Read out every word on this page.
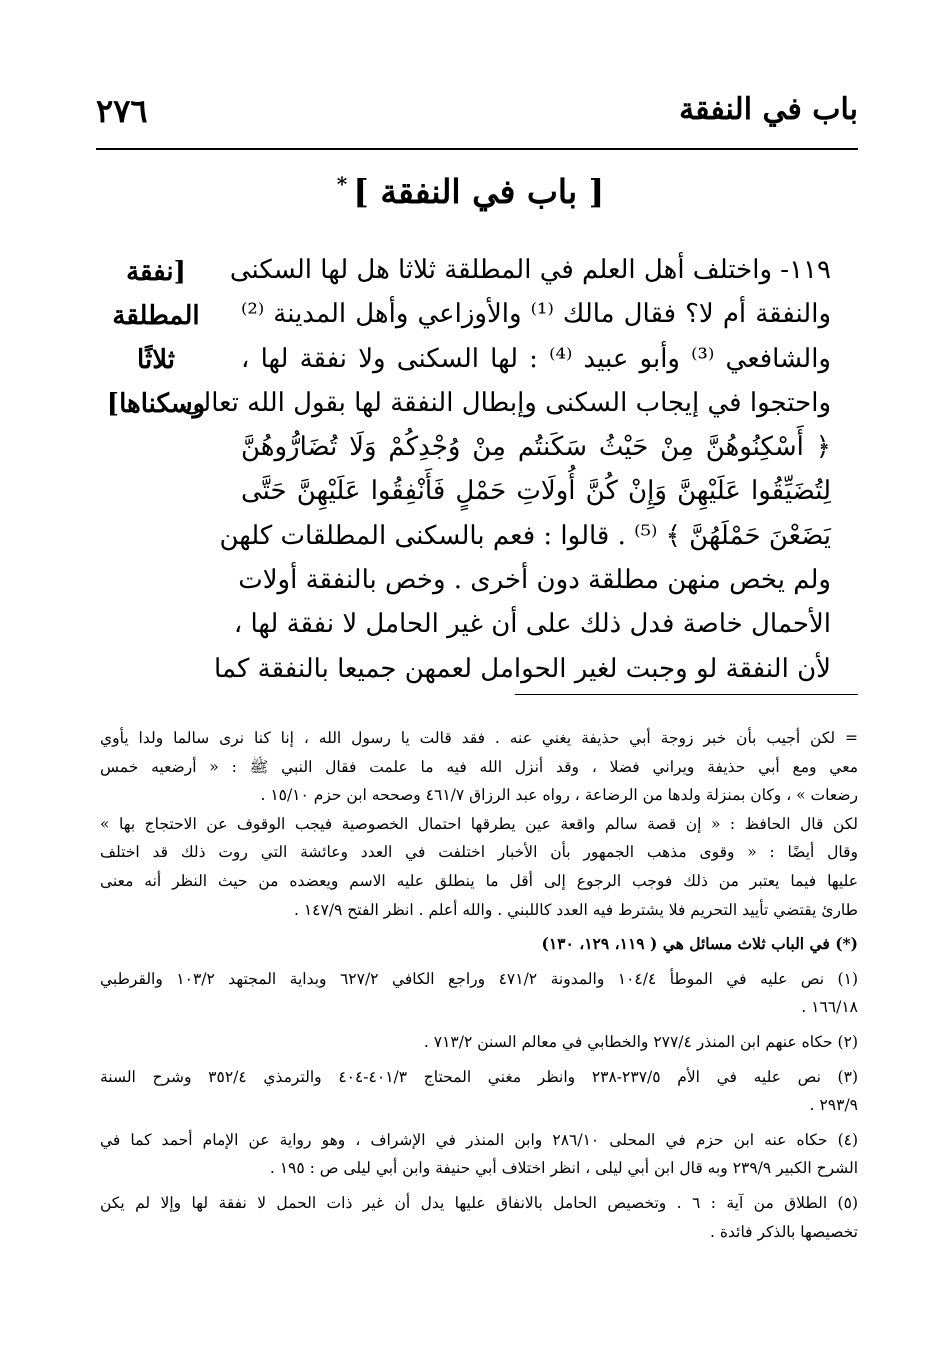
باب في النفقة
٢٧٦
[ باب في النفقة ]*
[نفقة المطلقة
ثلاثًا
وسكناها]
١١٩- واختلف أهل العلم في المطلقة ثلاثا هل لها السكنى
والنفقة أم لا؟ فقال مالك ⁽¹⁾ والأوزاعي وأهل المدينة ⁽²⁾
والشافعي ⁽³⁾ وأبو عبيد ⁽⁴⁾ : لها السكنى ولا نفقة لها ،
واحتجوا في إيجاب السكنى وإبطال النفقة لها بقول الله تعالى
﴿ أَسْكِنُوهُنَّ مِنْ حَيْثُ سَكَنتُم مِنْ وُجْدِكُمْ وَلَا تُضَارُّوهُنَّ
لِتُضَيِّقُوا عَلَيْهِنَّ وَإِنْ كُنَّ أُولَاتِ حَمْلٍ فَأَنْفِقُوا عَلَيْهِنَّ حَتَّى
يَضَعْنَ حَمْلَهُنَّ ﴾ ⁽⁵⁾ . قالوا : فعم بالسكنى المطلقات كلهن
ولم يخص منهن مطلقة دون أخرى . وخص بالنفقة أولات
الأحمال خاصة فدل ذلك على أن غير الحامل لا نفقة لها ،
لأن النفقة لو وجبت لغير الحوامل لعمهن جميعا بالنفقة كما
= لكن أجيب بأن خبر زوجة أبي حذيفة يغني عنه . فقد قالت يا رسول الله ، إنا كنا نرى سالما ولدا يأوي
معي ومع أبي حذيفة ويراني فضلا ، وقد أنزل الله فيه ما علمت فقال النبي ﷺ : « أرضعيه خمس
رضعات » ، وكان بمنزلة ولدها من الرضاعة ، رواه عبد الرزاق ٤٦١/٧ وصححه ابن حزم ١٥/١٠ .
لكن قال الحافظ : « إن قصة سالم واقعة عين يطرقها احتمال الخصوصية فيجب الوقوف عن الاحتجاج بها »
وقال أيضًا : « وقوى مذهب الجمهور بأن الأخبار اختلفت في العدد وعائشة التي روت ذلك قد اختلف
عليها فيما يعتبر من ذلك فوجب الرجوع إلى أقل ما ينطلق عليه الاسم ويعضده من حيث النظر أنه معنى
طارئ يقتضي تأييد التحريم فلا يشترط فيه العدد كاللبني . والله أعلم . انظر الفتح ١٤٧/٩ .
(*) في الباب ثلاث مسائل هي ( ١١٩، ١٢٩، ١٣٠)
(١) نص عليه في الموطأ ١٠٤/٤ والمدونة ٤٧١/٢ وراجع الكافي ٦٢٧/٢ وبداية المجتهد ١٠٣/٢ والقرطبي
١٦٦/١٨ .
(٢) حكاه عنهم ابن المنذر ٢٧٧/٤ والخطابي في معالم السنن ٧١٣/٢ .
(٣) نص عليه في الأم ٢٣٧/٥-٢٣٨ وانظر مغني المحتاج ٤٠١/٣-٤٠٤ والترمذي ٣٥٢/٤ وشرح السنة
٢٩٣/٩ .
(٤) حكاه عنه ابن حزم في المحلى ٢٨٦/١٠ وابن المنذر في الإشراف ، وهو رواية عن الإمام أحمد كما في
الشرح الكبير ٢٣٩/٩ وبه قال ابن أبي ليلى ، انظر اختلاف أبي حنيفة وابن أبي ليلى ص : ١٩٥ .
(٥) الطلاق من آية : ٦ . وتخصيص الحامل بالانفاق عليها يدل أن غير ذات الحمل لا نفقة لها وإلا لم يكن
تخصيصها بالذكر فائدة .
